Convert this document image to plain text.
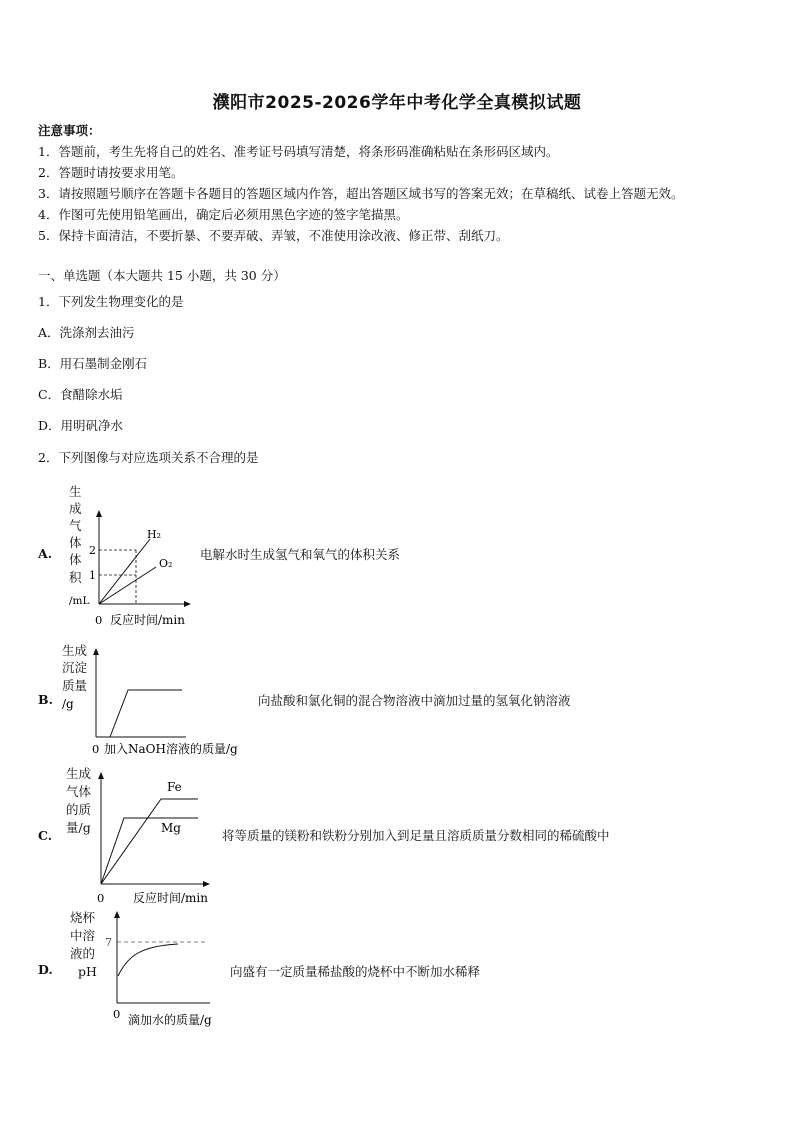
濮阳市2025-2026学年中考化学全真模拟试题
注意事项：
1．答题前，考生先将自己的姓名、准考证号码填写清楚，将条形码准确粘贴在条形码区域内。
2．答题时请按要求用笔。
3．请按照题号顺序在答题卡各题目的答题区域内作答，超出答题区域书写的答案无效；在草稿纸、试卷上答题无效。
4．作图可先使用铅笔画出，确定后必须用黑色字迹的签字笔描黑。
5．保持卡面清洁，不要折暴、不要弄破、弄皱，不准使用涂改液、修正带、刮纸刀。
一、单选题（本大题共 15 小题，共 30 分）
1．下列发生物理变化的是
A．洗涤剂去油污
B．用石墨制金刚石
C．食醋除水垢
D．用明矾净水
2．下列图像与对应选项关系不合理的是
A.	电解水时生成氢气和氧气的体积关系
生
成
气
体
体
积
/mL
2
1
H₂
O₂
0 反应时间/min
生成
沉淀
质量
/g
0 加入NaOH溶液的质量/g
生成
气体
的质
量/g
Fe
Mg
0 反应时间/min
烧杯
中溶
液的
pH
7
0 滴加水的质量/g
B.	向盐酸和氯化铜的混合物溶液中滴加过量的氢氧化钠溶液
C.	将等质量的镁粉和铁粉分别加入到足量且溶质质量分数相同的稀硫酸中
D.	向盛有一定质量稀盐酸的烧杯中不断加水稀释
